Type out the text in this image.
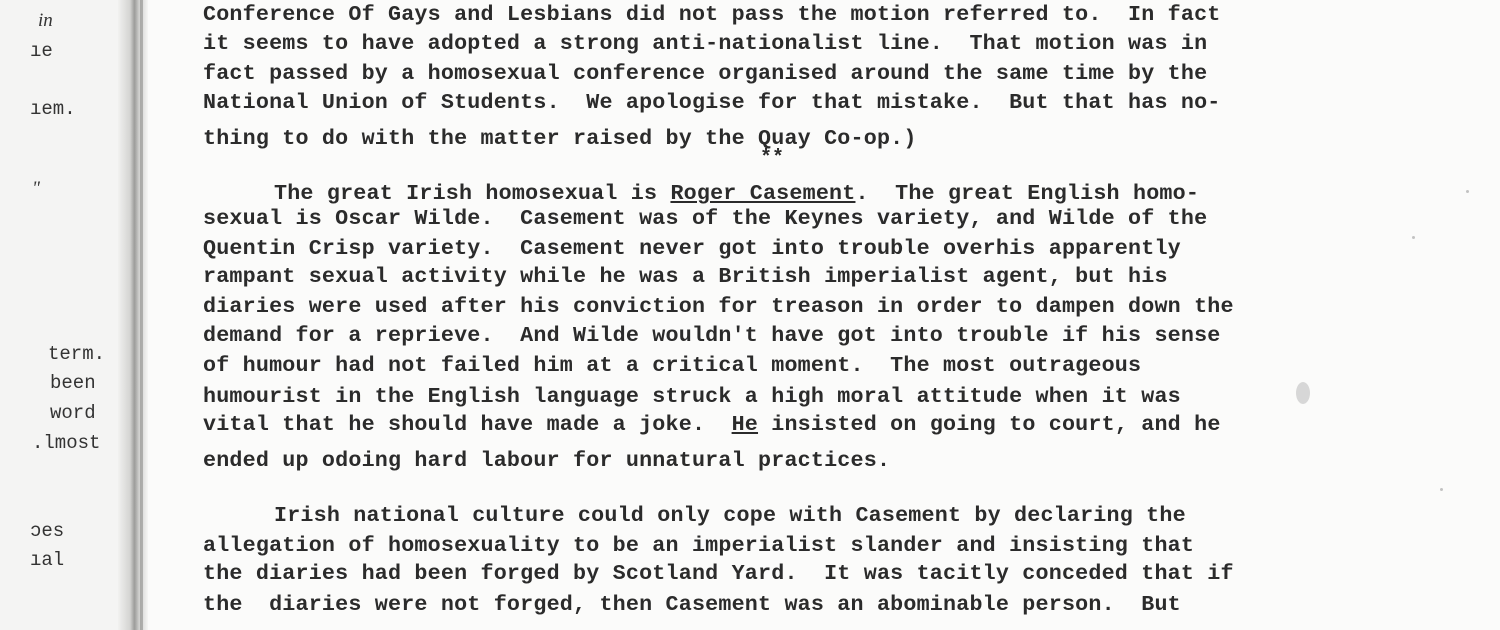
in

ıe

ıem.

"

term.

been

word

.lmost

ɔes

ıal

Conference Of Gays and Lesbians did not pass the motion referred to.  In fact

it seems to have adopted a strong anti-nationalist line.  That motion was in

fact passed by a homosexual conference organised around the same time by the

National Union of Students.  We apologise for that mistake.  But that has no-

thing to do with the matter raised by the Quay Co-op.)

**

The great Irish homosexual is Roger Casement.  The great English homo-

sexual is Oscar Wilde.  Casement was of the Keynes variety, and Wilde of the

Quentin Crisp variety.  Casement never got into trouble overhis apparently

rampant sexual activity while he was a British imperialist agent, but his

diaries were used after his conviction for treason in order to dampen down the

demand for a reprieve.  And Wilde wouldn't have got into trouble if his sense

of humour had not failed him at a critical moment.  The most outrageous

humourist in the English language struck a high moral attitude when it was

vital that he should have made a joke.  He insisted on going to court, and he

ended up odoing hard labour for unnatural practices.

Irish national culture could only cope with Casement by declaring the

allegation of homosexuality to be an imperialist slander and insisting that

the diaries had been forged by Scotland Yard.  It was tacitly conceded that if

the  diaries were not forged, then Casement was an abominable person.  But
